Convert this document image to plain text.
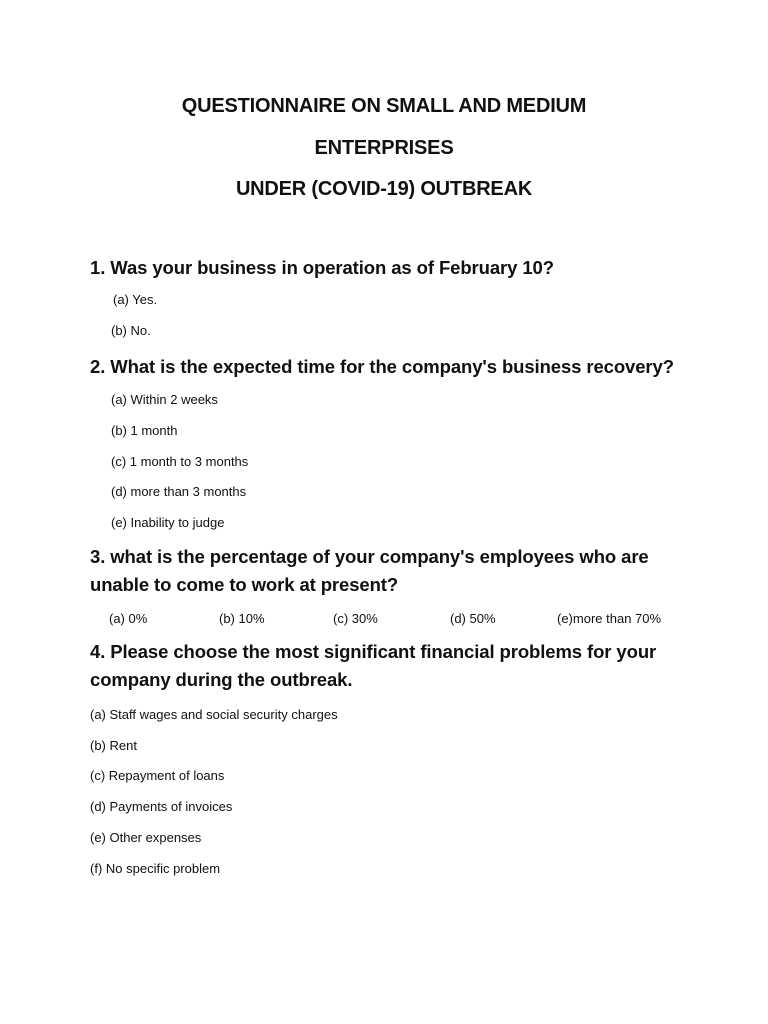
QUESTIONNAIRE ON SMALL AND MEDIUM
ENTERPRISES
UNDER (COVID-19) OUTBREAK

1. Was your business in operation as of February 10?

(a) Yes.

(b) No.

2. What is the expected time for the company's business recovery?

(a) Within 2 weeks

(b) 1 month

(c) 1 month to 3 months

(d) more than 3 months

(e) Inability to judge

3. what is the percentage of your company's employees who are

unable to come to work at present?

(a) 0%	(b) 10%	(c) 30%	(d) 50%	(e)more than 70%

4. Please choose the most significant financial problems for your

company during the outbreak.

(a) Staff wages and social security charges

(b) Rent

(c) Repayment of loans

(d) Payments of invoices

(e) Other expenses

(f) No specific problem
